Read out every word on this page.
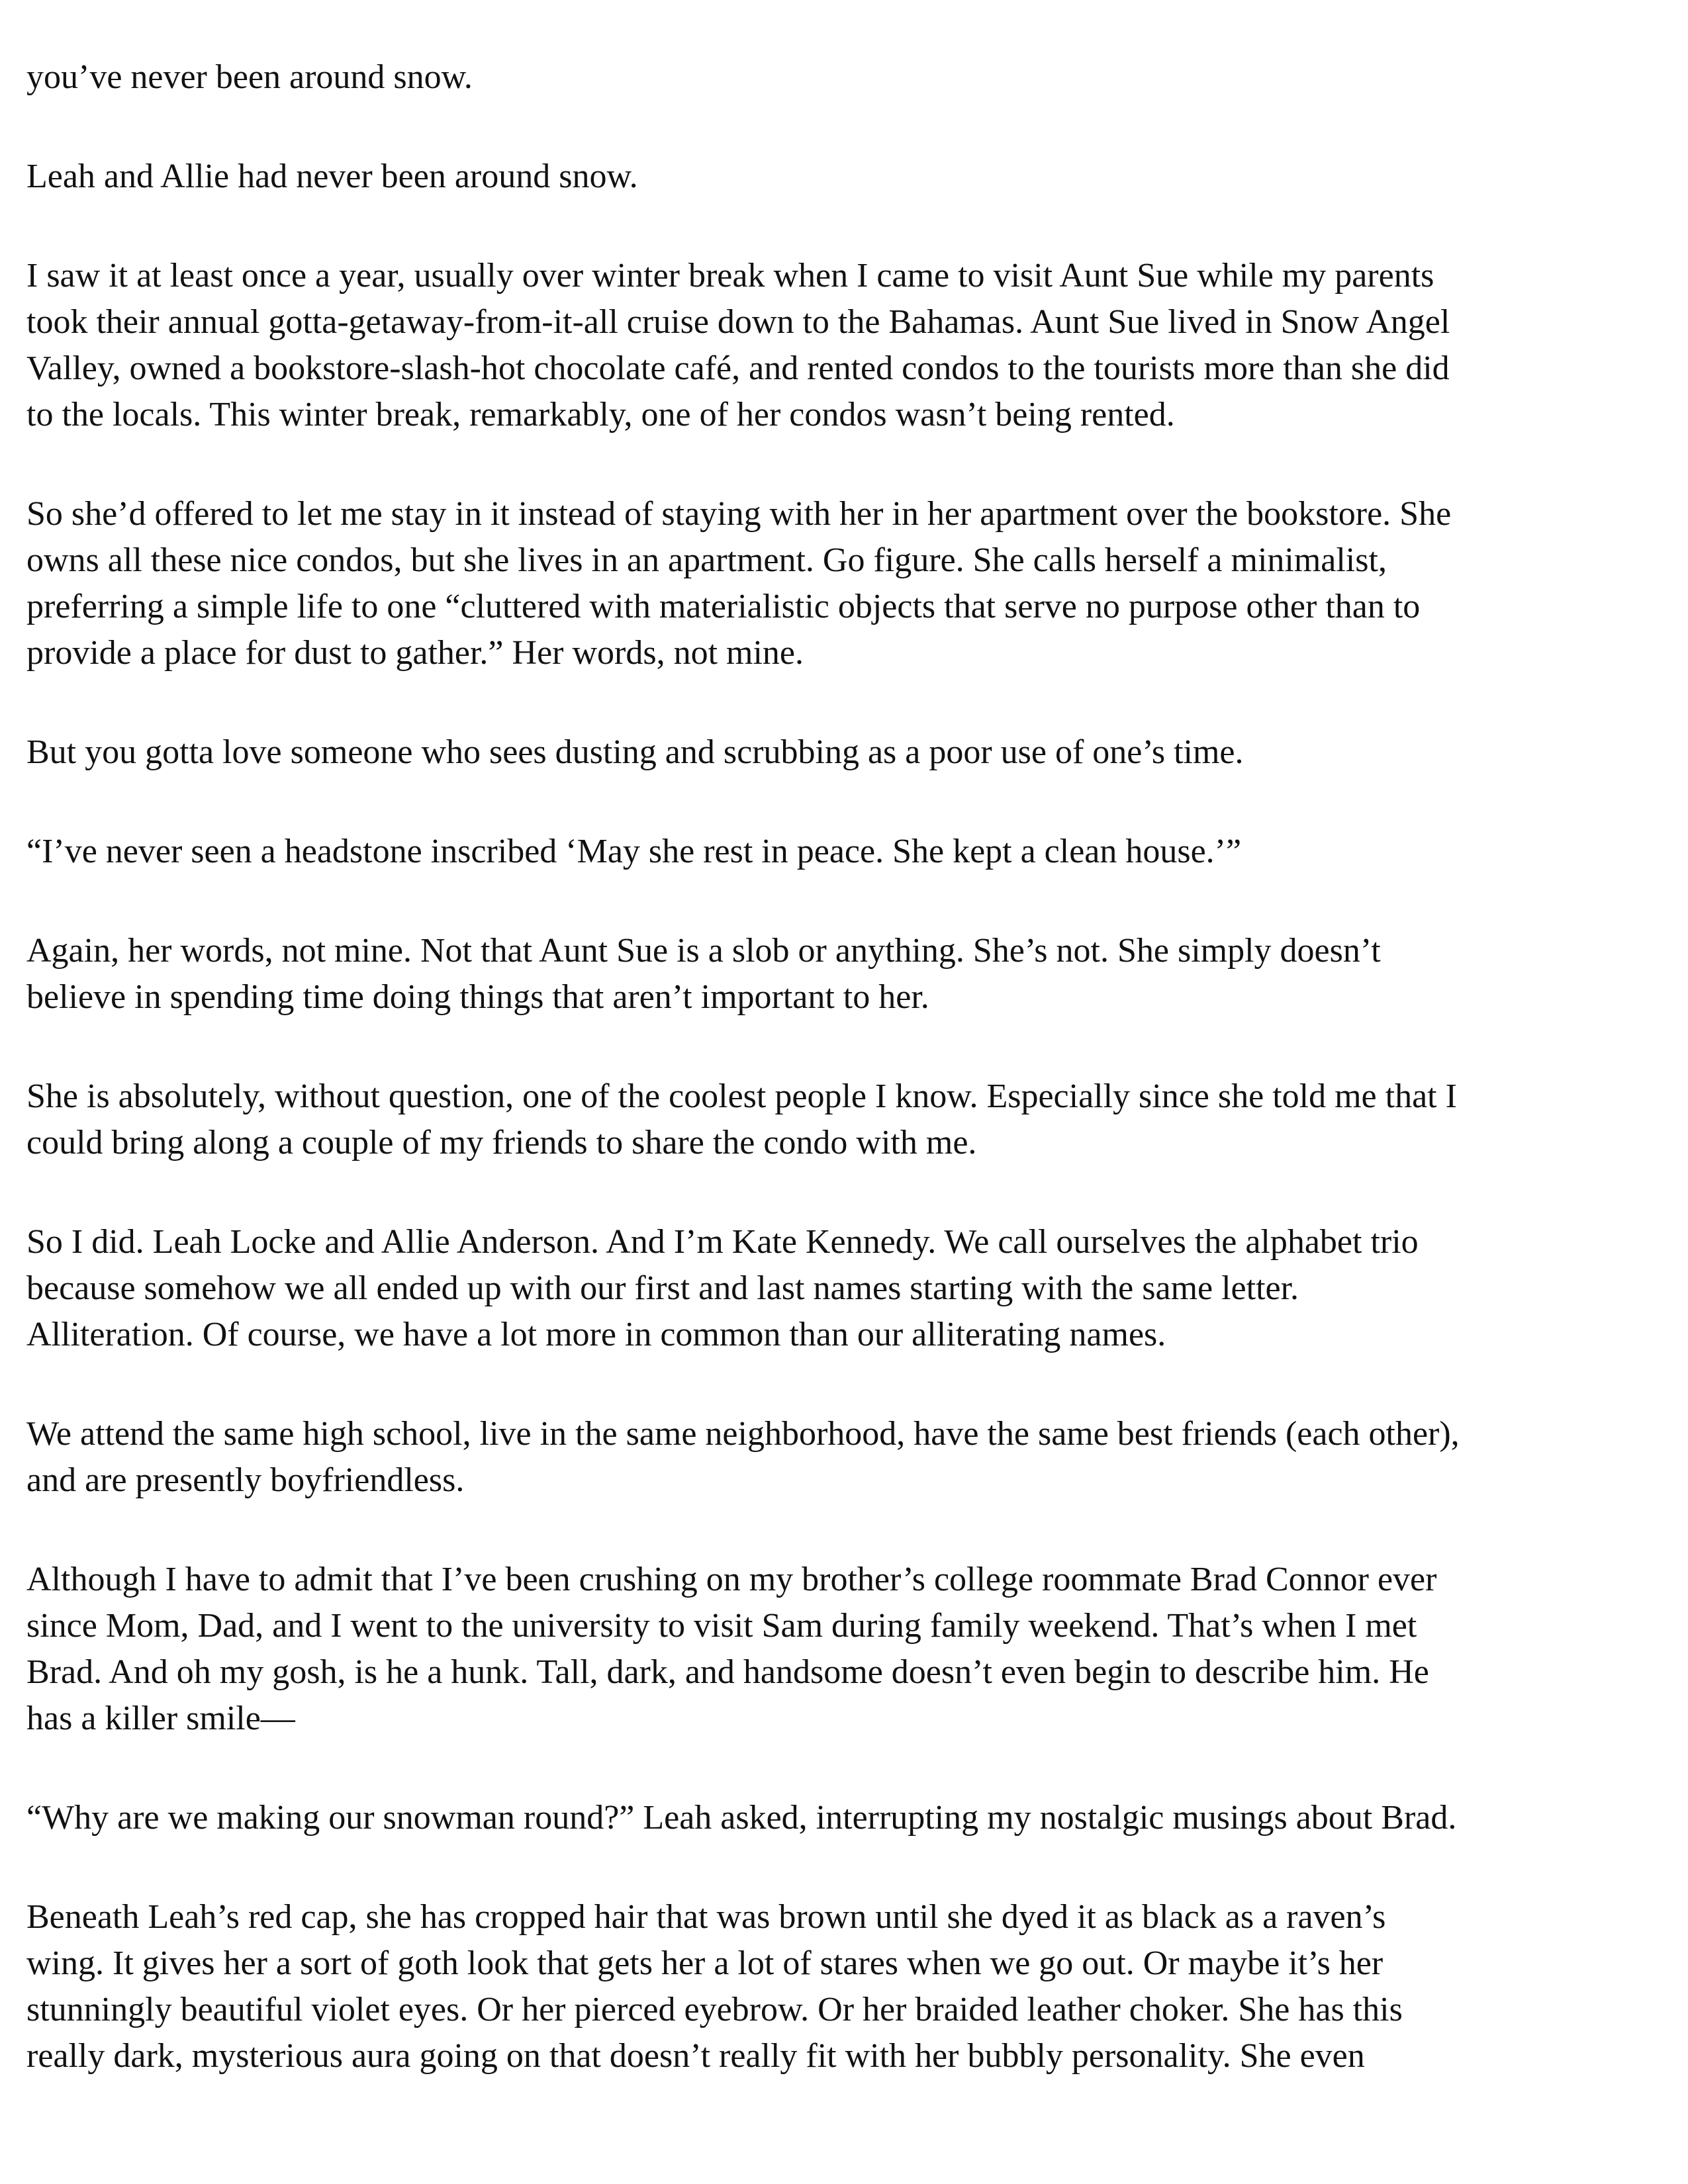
you’ve never been around snow.

Leah and Allie had never been around snow.

I saw it at least once a year, usually over winter break when I came to visit Aunt Sue while my parents
took their annual gotta-getaway-from-it-all cruise down to the Bahamas. Aunt Sue lived in Snow Angel
Valley, owned a bookstore-slash-hot chocolate café, and rented condos to the tourists more than she did
to the locals. This winter break, remarkably, one of her condos wasn’t being rented.

So she’d offered to let me stay in it instead of staying with her in her apartment over the bookstore. She
owns all these nice condos, but she lives in an apartment. Go figure. She calls herself a minimalist,
preferring a simple life to one “cluttered with materialistic objects that serve no purpose other than to
provide a place for dust to gather.” Her words, not mine.

But you gotta love someone who sees dusting and scrubbing as a poor use of one’s time.

“I’ve never seen a headstone inscribed ‘May she rest in peace. She kept a clean house.’”

Again, her words, not mine. Not that Aunt Sue is a slob or anything. She’s not. She simply doesn’t
believe in spending time doing things that aren’t important to her.

She is absolutely, without question, one of the coolest people I know. Especially since she told me that I
could bring along a couple of my friends to share the condo with me.

So I did. Leah Locke and Allie Anderson. And I’m Kate Kennedy. We call ourselves the alphabet trio
because somehow we all ended up with our first and last names starting with the same letter.
Alliteration. Of course, we have a lot more in common than our alliterating names.

We attend the same high school, live in the same neighborhood, have the same best friends (each other),
and are presently boyfriendless.

Although I have to admit that I’ve been crushing on my brother’s college roommate Brad Connor ever
since Mom, Dad, and I went to the university to visit Sam during family weekend. That’s when I met
Brad. And oh my gosh, is he a hunk. Tall, dark, and handsome doesn’t even begin to describe him. He
has a killer smile—

“Why are we making our snowman round?” Leah asked, interrupting my nostalgic musings about Brad.

Beneath Leah’s red cap, she has cropped hair that was brown until she dyed it as black as a raven’s
wing. It gives her a sort of goth look that gets her a lot of stares when we go out. Or maybe it’s her
stunningly beautiful violet eyes. Or her pierced eyebrow. Or her braided leather choker. She has this
really dark, mysterious aura going on that doesn’t really fit with her bubbly personality. She even
